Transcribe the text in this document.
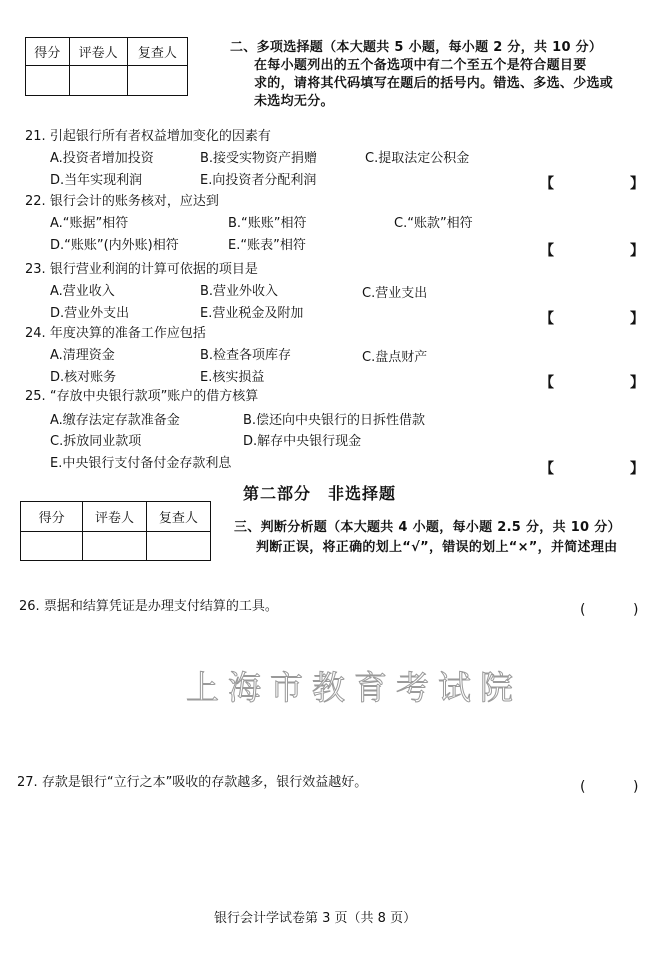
得分	评卷人	复查人
			二、多项选择题（本大题共 5 小题，每小题 2 分，共 10 分）
在每小题列出的五个备选项中有二个至五个是符合题目要
求的，请将其代码填写在题后的括号内。错选、多选、少选或
未选均无分。
21. 引起银行所有者权益增加变化的因素有
A.投资者增加投资	B.接受实物资产捐赠	C.提取法定公积金
D.当年实现利润	E.向投资者分配利润	【	】
22. 银行会计的账务核对，应达到
A.“账据”相符	B.“账账”相符	C.“账款”相符
D.“账账”(内外账)相符	E.“账表”相符	【	】
23. 银行营业利润的计算可依据的项目是
A.营业收入	B.营业外收入	C.营业支出
D.营业外支出	E.营业税金及附加	【	】
24. 年度决算的准备工作应包括
A.清理资金	B.检查各项库存	C.盘点财产
D.核对账务	E.核实损益	【	】
25. “存放中央银行款项”账户的借方核算
A.缴存法定存款准备金	B.偿还向中央银行的日拆性借款
C.拆放同业款项	D.解存中央银行现金
E.中央银行支付备付金存款利息	【	】
第二部分　非选择题
得分	评卷人	复查人

三、判断分析题（本大题共 4 小题，每小题 2.5 分，共 10 分）
判断正误，将正确的划上“√”，错误的划上“×”，并简述理由
26. 票据和结算凭证是办理支付结算的工具。	(	)
上海市教育考试院
27. 存款是银行“立行之本”吸收的存款越多，银行效益越好。	(	)
银行会计学试卷第 3 页（共 8 页）
